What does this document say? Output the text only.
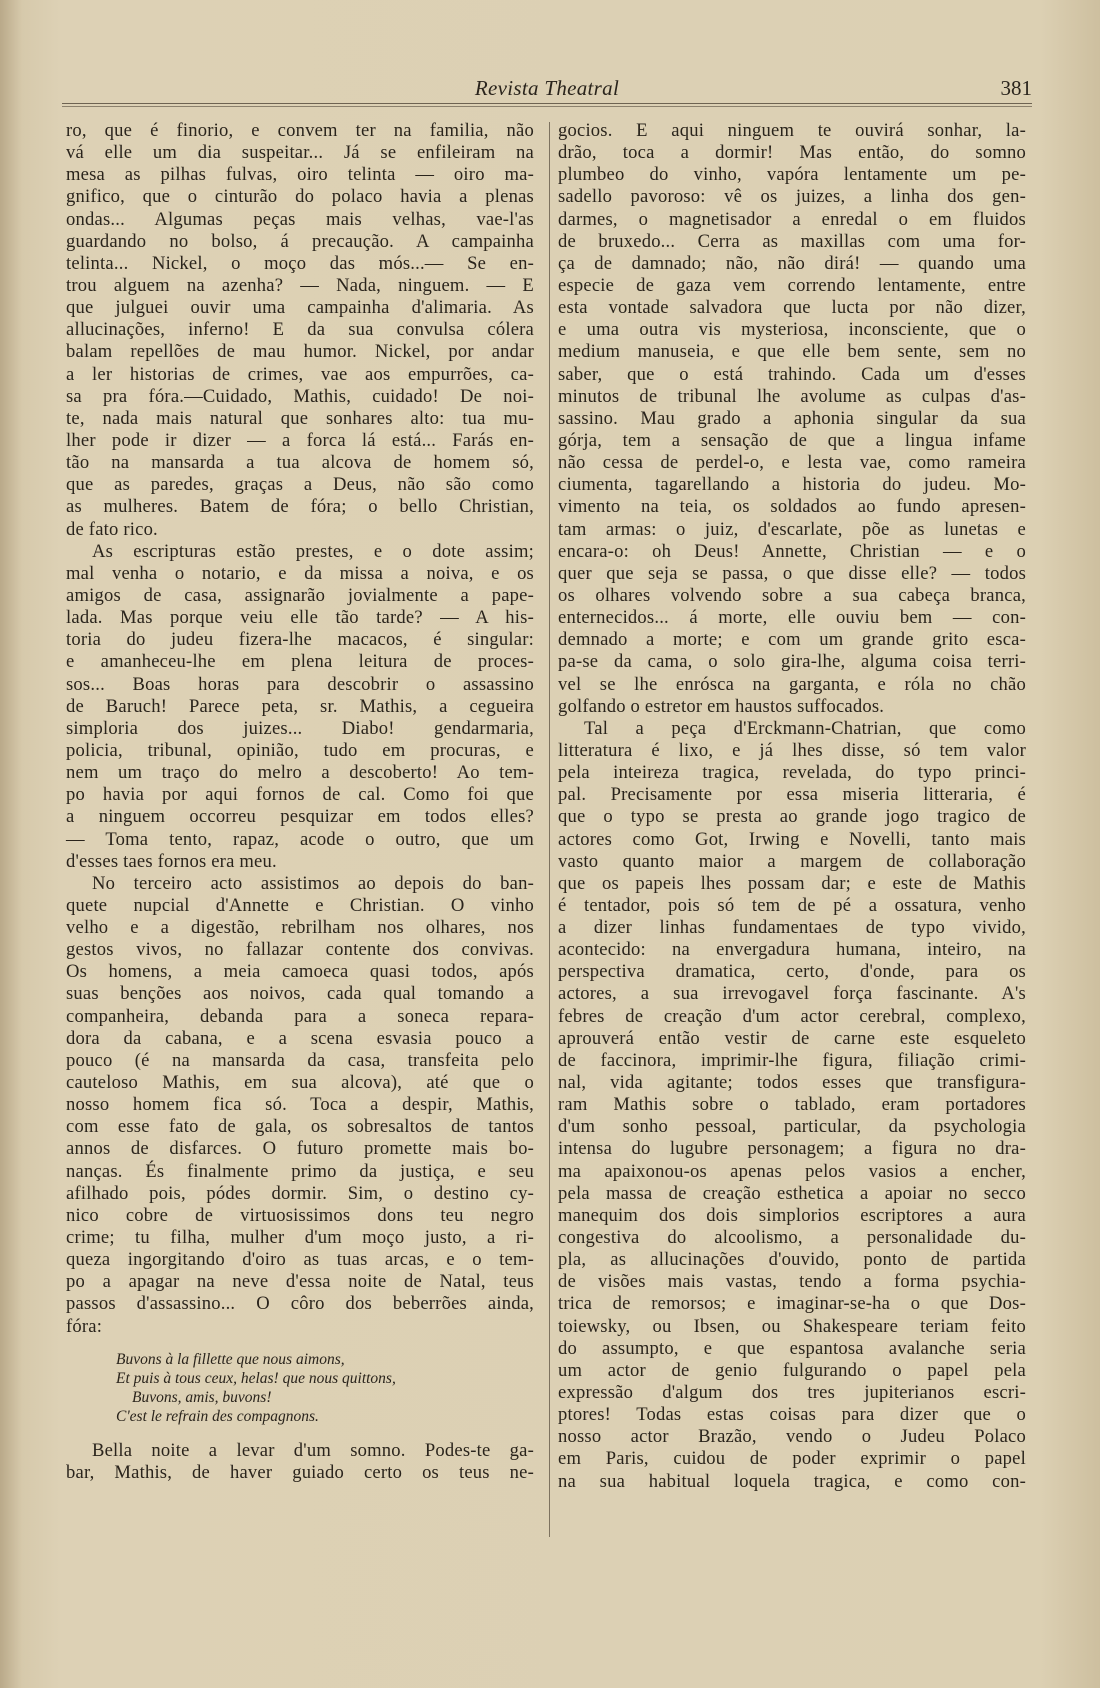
Revista Theatral	381
ro, que é finorio, e convem ter na familia, não
vá elle um dia suspeitar... Já se enfileiram na
mesa as pilhas fulvas, oiro telinta — oiro ma-
gnifico, que o cinturão do polaco havia a plenas
ondas... Algumas peças mais velhas, vae-l'as
guardando no bolso, á precaução. A campainha
telinta... Nickel, o moço das mós...— Se en-
trou alguem na azenha? — Nada, ninguem. — E
que julguei ouvir uma campainha d'alimaria. As
allucinações, inferno! E da sua convulsa cólera
balam repellões de mau humor. Nickel, por andar
a ler historias de crimes, vae aos empurrões, ca-
sa pra fóra.—Cuidado, Mathis, cuidado! De noi-
te, nada mais natural que sonhares alto: tua mu-
lher pode ir dizer — a forca lá está... Farás en-
tão na mansarda a tua alcova de homem só,
que as paredes, graças a Deus, não são como
as mulheres. Batem de fóra; o bello Christian,
de fato rico.
As escripturas estão prestes, e o dote assim;
mal venha o notario, e da missa a noiva, e os
amigos de casa, assignarão jovialmente a pape-
lada. Mas porque veiu elle tão tarde? — A his-
toria do judeu fizera-lhe macacos, é singular:
e amanheceu-lhe em plena leitura de proces-
sos... Boas horas para descobrir o assassino
de Baruch! Parece peta, sr. Mathis, a cegueira
simploria dos juizes... Diabo! gendarmaria,
policia, tribunal, opinião, tudo em procuras, e
nem um traço do melro a descoberto! Ao tem-
po havia por aqui fornos de cal. Como foi que
a ninguem occorreu pesquizar em todos elles?
— Toma tento, rapaz, acode o outro, que um
d'esses taes fornos era meu.
No terceiro acto assistimos ao depois do ban-
quete nupcial d'Annette e Christian. O vinho
velho e a digestão, rebrilham nos olhares, nos
gestos vivos, no fallazar contente dos convivas.
Os homens, a meia camoeca quasi todos, após
suas benções aos noivos, cada qual tomando a
companheira, debanda para a soneca repara-
dora da cabana, e a scena esvasia pouco a
pouco (é na mansarda da casa, transfeita pelo
cauteloso Mathis, em sua alcova), até que o
nosso homem fica só. Toca a despir, Mathis,
com esse fato de gala, os sobresaltos de tantos
annos de disfarces. O futuro promette mais bo-
nanças. És finalmente primo da justiça, e seu
afilhado pois, pódes dormir. Sim, o destino cy-
nico cobre de virtuosissimos dons teu negro
crime; tu filha, mulher d'um moço justo, a ri-
queza ingorgitando d'oiro as tuas arcas, e o tem-
po a apagar na neve d'essa noite de Natal, teus
passos d'assassino... O côro dos beberrões ainda,
fóra:
Buvons à la fillette que nous aimons,
Et puis à tous ceux, helas! que nous quittons,
Buvons, amis, buvons!
C'est le refrain des compagnons.
Bella noite a levar d'um somno. Podes-te ga-
bar, Mathis, de haver guiado certo os teus ne-
gocios. E aqui ninguem te ouvirá sonhar, la-
drão, toca a dormir! Mas então, do somno
plumbeo do vinho, vapóra lentamente um pe-
sadello pavoroso: vê os juizes, a linha dos gen-
darmes, o magnetisador a enredal o em fluidos
de bruxedo... Cerra as maxillas com uma for-
ça de damnado; não, não dirá! — quando uma
especie de gaza vem correndo lentamente, entre
esta vontade salvadora que lucta por não dizer,
e uma outra vis mysteriosa, inconsciente, que o
medium manuseia, e que elle bem sente, sem no
saber, que o está trahindo. Cada um d'esses
minutos de tribunal lhe avolume as culpas d'as-
sassino. Mau grado a aphonia singular da sua
górja, tem a sensação de que a lingua infame
não cessa de perdel-o, e lesta vae, como rameira
ciumenta, tagarellando a historia do judeu. Mo-
vimento na teia, os soldados ao fundo apresen-
tam armas: o juiz, d'escarlate, põe as lunetas e
encara-o: oh Deus! Annette, Christian — e o
quer que seja se passa, o que disse elle? — todos
os olhares volvendo sobre a sua cabeça branca,
enternecidos... á morte, elle ouviu bem — con-
demnado a morte; e com um grande grito esca-
pa-se da cama, o solo gira-lhe, alguma coisa terri-
vel se lhe enrósca na garganta, e róla no chão
golfando o estretor em haustos suffocados.
Tal a peça d'Erckmann-Chatrian, que como
litteratura é lixo, e já lhes disse, só tem valor
pela inteireza tragica, revelada, do typo princi-
pal. Precisamente por essa miseria litteraria, é
que o typo se presta ao grande jogo tragico de
actores como Got, Irwing e Novelli, tanto mais
vasto quanto maior a margem de collaboração
que os papeis lhes possam dar; e este de Mathis
é tentador, pois só tem de pé a ossatura, venho
a dizer linhas fundamentaes de typo vivido,
acontecido: na envergadura humana, inteiro, na
perspectiva dramatica, certo, d'onde, para os
actores, a sua irrevogavel força fascinante. A's
febres de creação d'um actor cerebral, complexo,
aprouverá então vestir de carne este esqueleto
de faccinora, imprimir-lhe figura, filiação crimi-
nal, vida agitante; todos esses que transfigura-
ram Mathis sobre o tablado, eram portadores
d'um sonho pessoal, particular, da psychologia
intensa do lugubre personagem; a figura no dra-
ma apaixonou-os apenas pelos vasios a encher,
pela massa de creação esthetica a apoiar no secco
manequim dos dois simplorios escriptores a aura
congestiva do alcoolismo, a personalidade du-
pla, as allucinações d'ouvido, ponto de partida
de visões mais vastas, tendo a forma psychia-
trica de remorsos; e imaginar-se-ha o que Dos-
toiewsky, ou Ibsen, ou Shakespeare teriam feito
do assumpto, e que espantosa avalanche seria
um actor de genio fulgurando o papel pela
expressão d'algum dos tres jupiterianos escri-
ptores! Todas estas coisas para dizer que o
nosso actor Brazão, vendo o Judeu Polaco
em Paris, cuidou de poder exprimir o papel
na sua habitual loquela tragica, e como con-
